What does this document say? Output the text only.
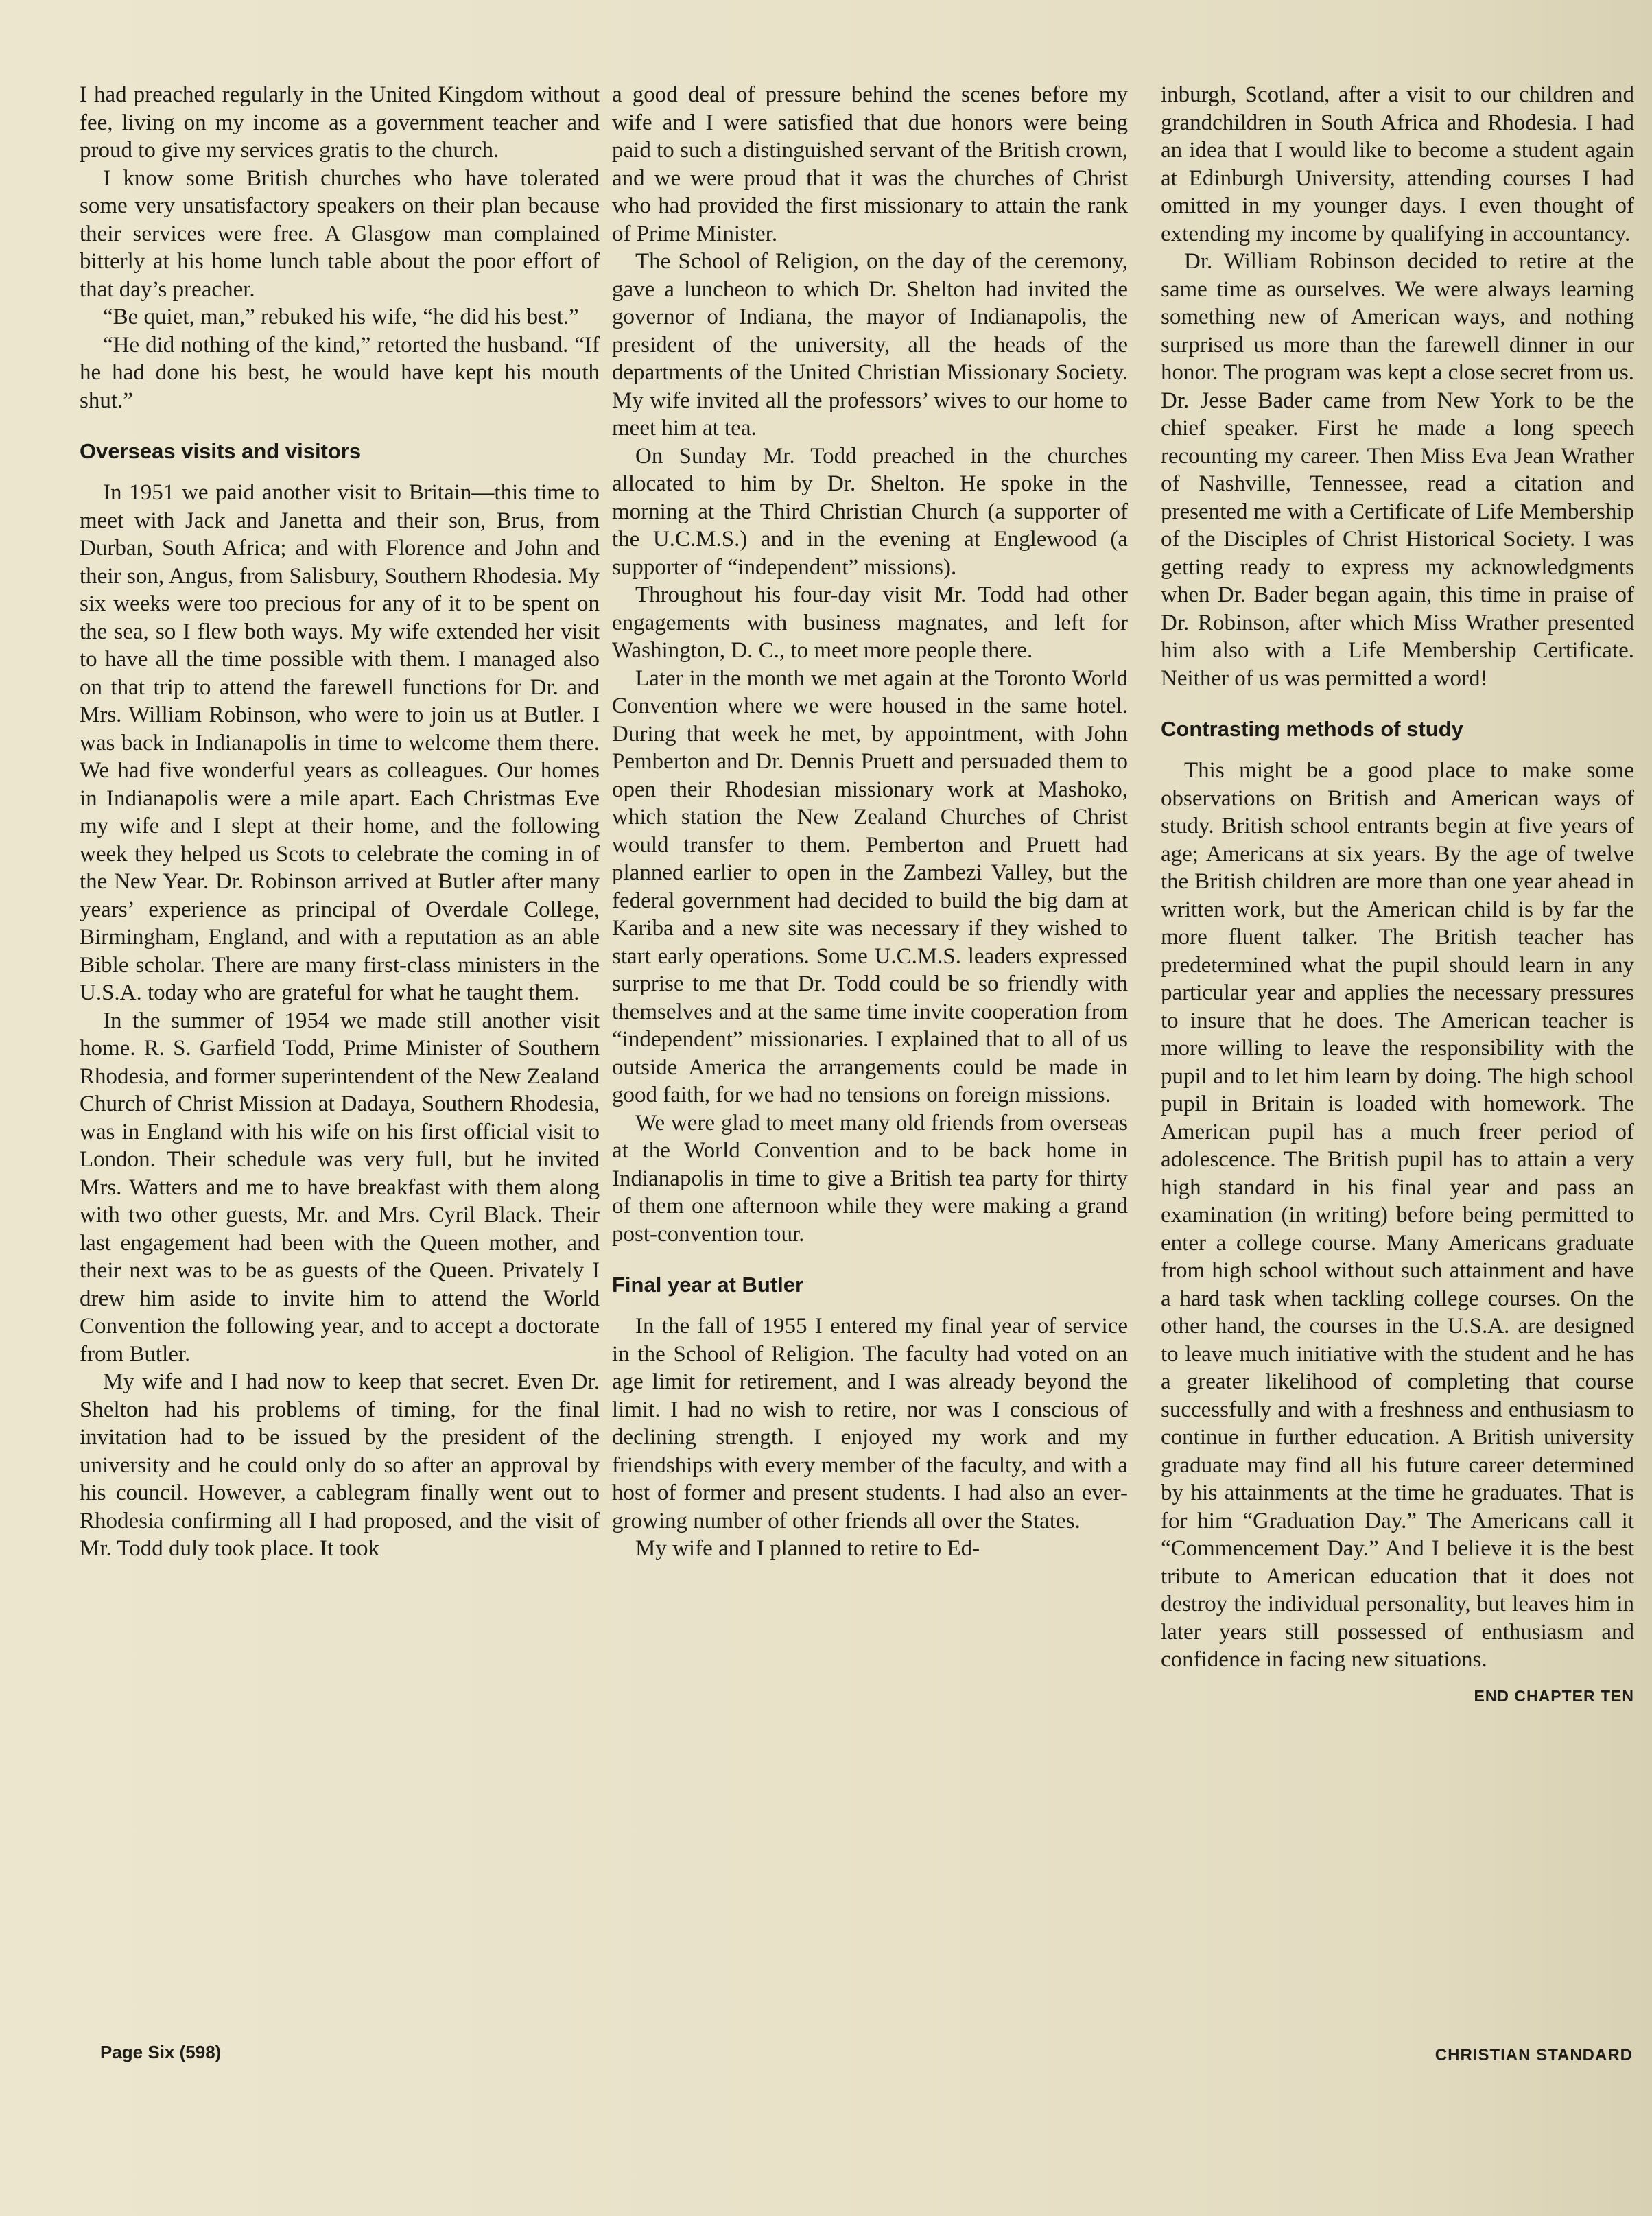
I had preached regularly in the United Kingdom without fee, living on my income as a government teacher and proud to give my services gratis to the church.

I know some British churches who have tolerated some very unsatisfactory speakers on their plan because their services were free. A Glasgow man complained bitterly at his home lunch table about the poor effort of that day’s preacher.

“Be quiet, man,” rebuked his wife, “he did his best.”

“He did nothing of the kind,” retorted the husband. “If he had done his best, he would have kept his mouth shut.”

Overseas visits and visitors

In 1951 we paid another visit to Britain—this time to meet with Jack and Janetta and their son, Brus, from Durban, South Africa; and with Florence and John and their son, Angus, from Salisbury, Southern Rhodesia. My six weeks were too precious for any of it to be spent on the sea, so I flew both ways. My wife extended her visit to have all the time possible with them. I managed also on that trip to attend the farewell functions for Dr. and Mrs. William Robinson, who were to join us at Butler. I was back in Indianapolis in time to welcome them there. We had five wonderful years as colleagues. Our homes in Indianapolis were a mile apart. Each Christmas Eve my wife and I slept at their home, and the following week they helped us Scots to celebrate the coming in of the New Year. Dr. Robinson arrived at Butler after many years’ experience as principal of Overdale College, Birmingham, England, and with a reputation as an able Bible scholar. There are many first-class ministers in the U.S.A. today who are grateful for what he taught them.

In the summer of 1954 we made still another visit home. R. S. Garfield Todd, Prime Minister of Southern Rhodesia, and former superintendent of the New Zealand Church of Christ Mission at Dadaya, Southern Rhodesia, was in England with his wife on his first official visit to London. Their schedule was very full, but he invited Mrs. Watters and me to have breakfast with them along with two other guests, Mr. and Mrs. Cyril Black. Their last engagement had been with the Queen mother, and their next was to be as guests of the Queen. Privately I drew him aside to invite him to attend the World Convention the following year, and to accept a doctorate from Butler.

My wife and I had now to keep that secret. Even Dr. Shelton had his problems of timing, for the final invitation had to be issued by the president of the university and he could only do so after an approval by his council. However, a cablegram finally went out to Rhodesia confirming all I had proposed, and the visit of Mr. Todd duly took place. It took

a good deal of pressure behind the scenes before my wife and I were satisfied that due honors were being paid to such a distinguished servant of the British crown, and we were proud that it was the churches of Christ who had provided the first missionary to attain the rank of Prime Minister.

The School of Religion, on the day of the ceremony, gave a luncheon to which Dr. Shelton had invited the governor of Indiana, the mayor of Indianapolis, the president of the university, all the heads of the departments of the United Christian Missionary Society. My wife invited all the professors’ wives to our home to meet him at tea.

On Sunday Mr. Todd preached in the churches allocated to him by Dr. Shelton. He spoke in the morning at the Third Christian Church (a supporter of the U.C.M.S.) and in the evening at Englewood (a supporter of “independent” missions).

Throughout his four-day visit Mr. Todd had other engagements with business magnates, and left for Washington, D. C., to meet more people there.

Later in the month we met again at the Toronto World Convention where we were housed in the same hotel. During that week he met, by appointment, with John Pemberton and Dr. Dennis Pruett and persuaded them to open their Rhodesian missionary work at Mashoko, which station the New Zealand Churches of Christ would transfer to them. Pemberton and Pruett had planned earlier to open in the Zambezi Valley, but the federal government had decided to build the big dam at Kariba and a new site was necessary if they wished to start early operations. Some U.C.M.S. leaders expressed surprise to me that Dr. Todd could be so friendly with themselves and at the same time invite cooperation from “independent” missionaries. I explained that to all of us outside America the arrangements could be made in good faith, for we had no tensions on foreign missions.

We were glad to meet many old friends from overseas at the World Convention and to be back home in Indianapolis in time to give a British tea party for thirty of them one afternoon while they were making a grand post-convention tour.

Final year at Butler

In the fall of 1955 I entered my final year of service in the School of Religion. The faculty had voted on an age limit for retirement, and I was already beyond the limit. I had no wish to retire, nor was I conscious of declining strength. I enjoyed my work and my friendships with every member of the faculty, and with a host of former and present students. I had also an ever-growing number of other friends all over the States.

My wife and I planned to retire to Ed-

inburgh, Scotland, after a visit to our children and grandchildren in South Africa and Rhodesia. I had an idea that I would like to become a student again at Edinburgh University, attending courses I had omitted in my younger days. I even thought of extending my income by qualifying in accountancy.

Dr. William Robinson decided to retire at the same time as ourselves. We were always learning something new of American ways, and nothing surprised us more than the farewell dinner in our honor. The program was kept a close secret from us. Dr. Jesse Bader came from New York to be the chief speaker. First he made a long speech recounting my career. Then Miss Eva Jean Wrather of Nashville, Tennessee, read a citation and presented me with a Certificate of Life Membership of the Disciples of Christ Historical Society. I was getting ready to express my acknowledgments when Dr. Bader began again, this time in praise of Dr. Robinson, after which Miss Wrather presented him also with a Life Membership Certificate. Neither of us was permitted a word!

Contrasting methods of study

This might be a good place to make some observations on British and American ways of study. British school entrants begin at five years of age; Americans at six years. By the age of twelve the British children are more than one year ahead in written work, but the American child is by far the more fluent talker. The British teacher has predetermined what the pupil should learn in any particular year and applies the necessary pressures to insure that he does. The American teacher is more willing to leave the responsibility with the pupil and to let him learn by doing. The high school pupil in Britain is loaded with homework. The American pupil has a much freer period of adolescence. The British pupil has to attain a very high standard in his final year and pass an examination (in writing) before being permitted to enter a college course. Many Americans graduate from high school without such attainment and have a hard task when tackling college courses. On the other hand, the courses in the U.S.A. are designed to leave much initiative with the student and he has a greater likelihood of completing that course successfully and with a freshness and enthusiasm to continue in further education. A British university graduate may find all his future career determined by his attainments at the time he graduates. That is for him “Graduation Day.” The Americans call it “Commencement Day.” And I believe it is the best tribute to American education that it does not destroy the individual personality, but leaves him in later years still possessed of enthusiasm and confidence in facing new situations.

END CHAPTER TEN
Page Six (598)	CHRISTIAN STANDARD
